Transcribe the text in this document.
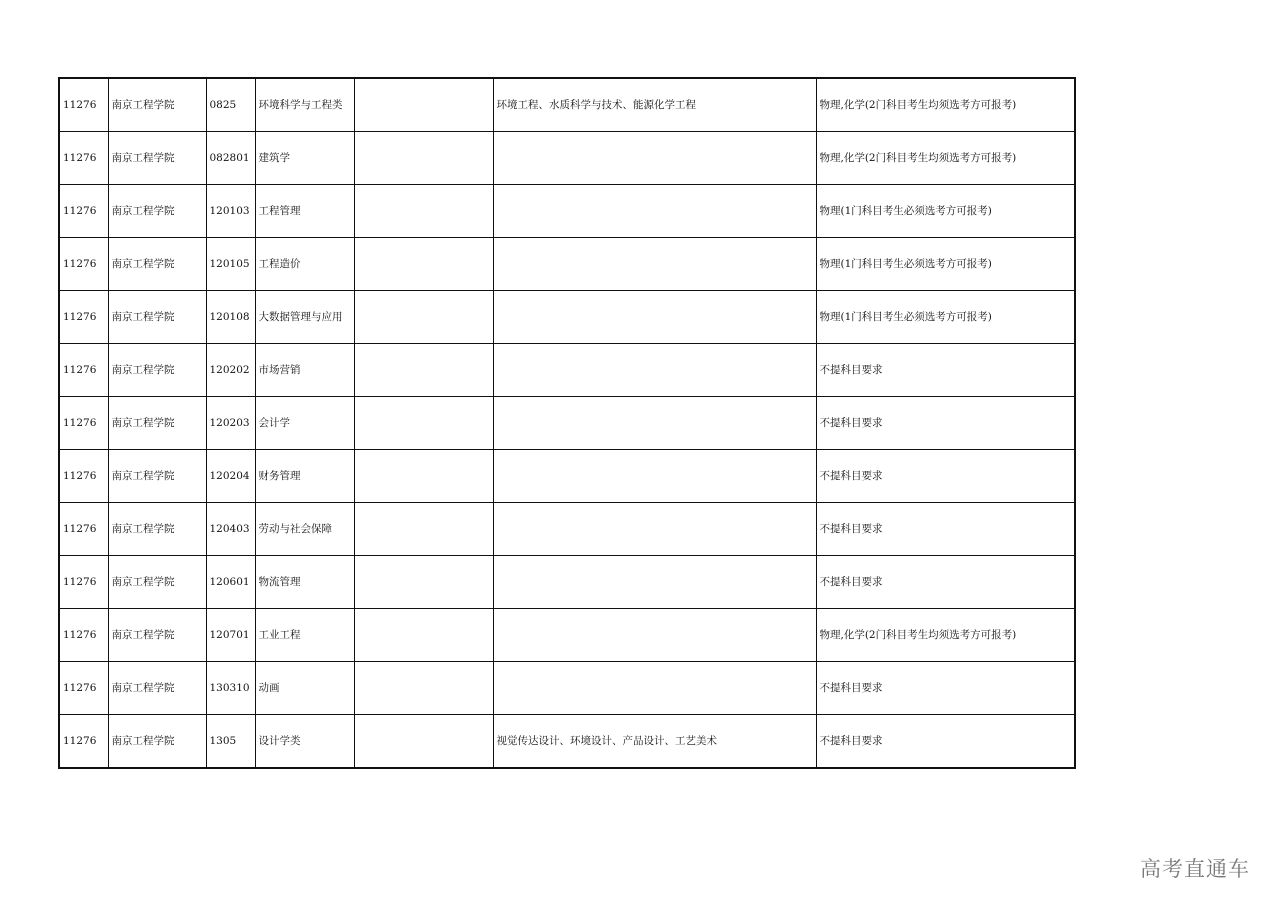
11276	南京工程学院	0825	环境科学与工程类		环境工程、水质科学与技术、能源化学工程	物理,化学(2门科目考生均须选考方可报考)
11276	南京工程学院	082801	建筑学			物理,化学(2门科目考生均须选考方可报考)
11276	南京工程学院	120103	工程管理			物理(1门科目考生必须选考方可报考)
11276	南京工程学院	120105	工程造价			物理(1门科目考生必须选考方可报考)
11276	南京工程学院	120108	大数据管理与应用			物理(1门科目考生必须选考方可报考)
11276	南京工程学院	120202	市场营销			不提科目要求
11276	南京工程学院	120203	会计学			不提科目要求
11276	南京工程学院	120204	财务管理			不提科目要求
11276	南京工程学院	120403	劳动与社会保障			不提科目要求
11276	南京工程学院	120601	物流管理			不提科目要求
11276	南京工程学院	120701	工业工程			物理,化学(2门科目考生均须选考方可报考)
11276	南京工程学院	130310	动画			不提科目要求
11276	南京工程学院	1305	设计学类		视觉传达设计、环境设计、产品设计、工艺美术	不提科目要求
高考直通车
